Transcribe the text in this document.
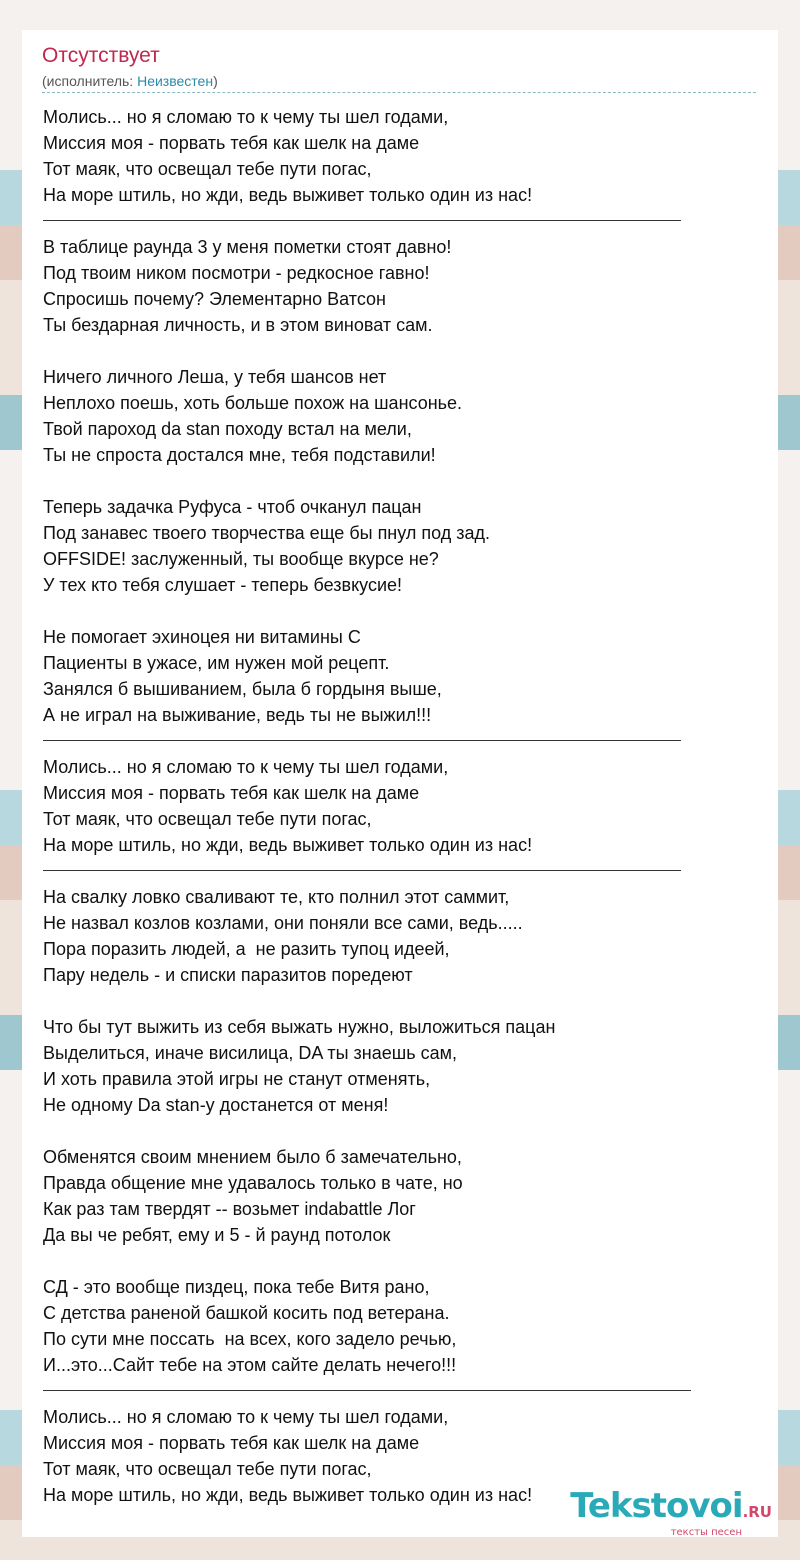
Отсутствует
(исполнитель: Неизвестен)
Молись... но я сломаю то к чему ты шел годами,
Миссия моя - порвать тебя как шелк на даме
Тот маяк, что освещал тебе пути погас,
На море штиль, но жди, ведь выживет только один из нас!
В таблице раунда 3 у меня пометки стоят давно!
Под твоим ником посмотри - редкосное гавно!
Спросишь почему? Элементарно Ватсон
Ты бездарная личность, и в этом виноват сам.
Ничего личного Леша, у тебя шансов нет
Неплохо поешь, хоть больше похож на шансонье.
Твой пароход da stan походу встал на мели,
Ты не спроста достался мне, тебя подставили!
Теперь задачка Руфуса - чтоб очканул пацан
Под занавес твоего творчества еще бы пнул под зад.
OFFSIDE! заслуженный, ты вообще вкурсе не?
У тех кто тебя слушает - теперь безвкусие!
Не помогает эхиноцея ни витамины С
Пациенты в ужасе, им нужен мой рецепт.
Занялся б вышиванием, была б гордыня выше,
А не играл на выживание, ведь ты не выжил!!!
Молись... но я сломаю то к чему ты шел годами,
Миссия моя - порвать тебя как шелк на даме
Тот маяк, что освещал тебе пути погас,
На море штиль, но жди, ведь выживет только один из нас!
На свалку ловко сваливают те, кто полнил этот саммит,
Не назвал козлов козлами, они поняли все сами, ведь.....
Пора поразить людей, а  не разить тупоц идеей,
Пару недель - и списки паразитов поредеют
Что бы тут выжить из себя выжать нужно, выложиться пацан
Выделиться, иначе висилица, DA ты знаешь сам,
И хоть правила этой игры не станут отменять,
Не одному Da stan-у достанется от меня!
Обменятся своим мнением было б замечательно,
Правда общение мне удавалось только в чате, но
Как раз там твердят -- возьмет indabattle Лог
Да вы че ребят, ему и 5 - й раунд потолок
СД - это вообще пиздец, пока тебе Витя рано,
С детства раненой башкой косить под ветерана.
По сути мне поссать  на всех, кого задело речью,
И...это...Сайт тебе на этом сайте делать нечего!!!
Молись... но я сломаю то к чему ты шел годами,
Миссия моя - порвать тебя как шелк на даме
Тот маяк, что освещал тебе пути погас,
На море штиль, но жди, ведь выживет только один из нас!	Tekstovoi.RU
тексты песен
